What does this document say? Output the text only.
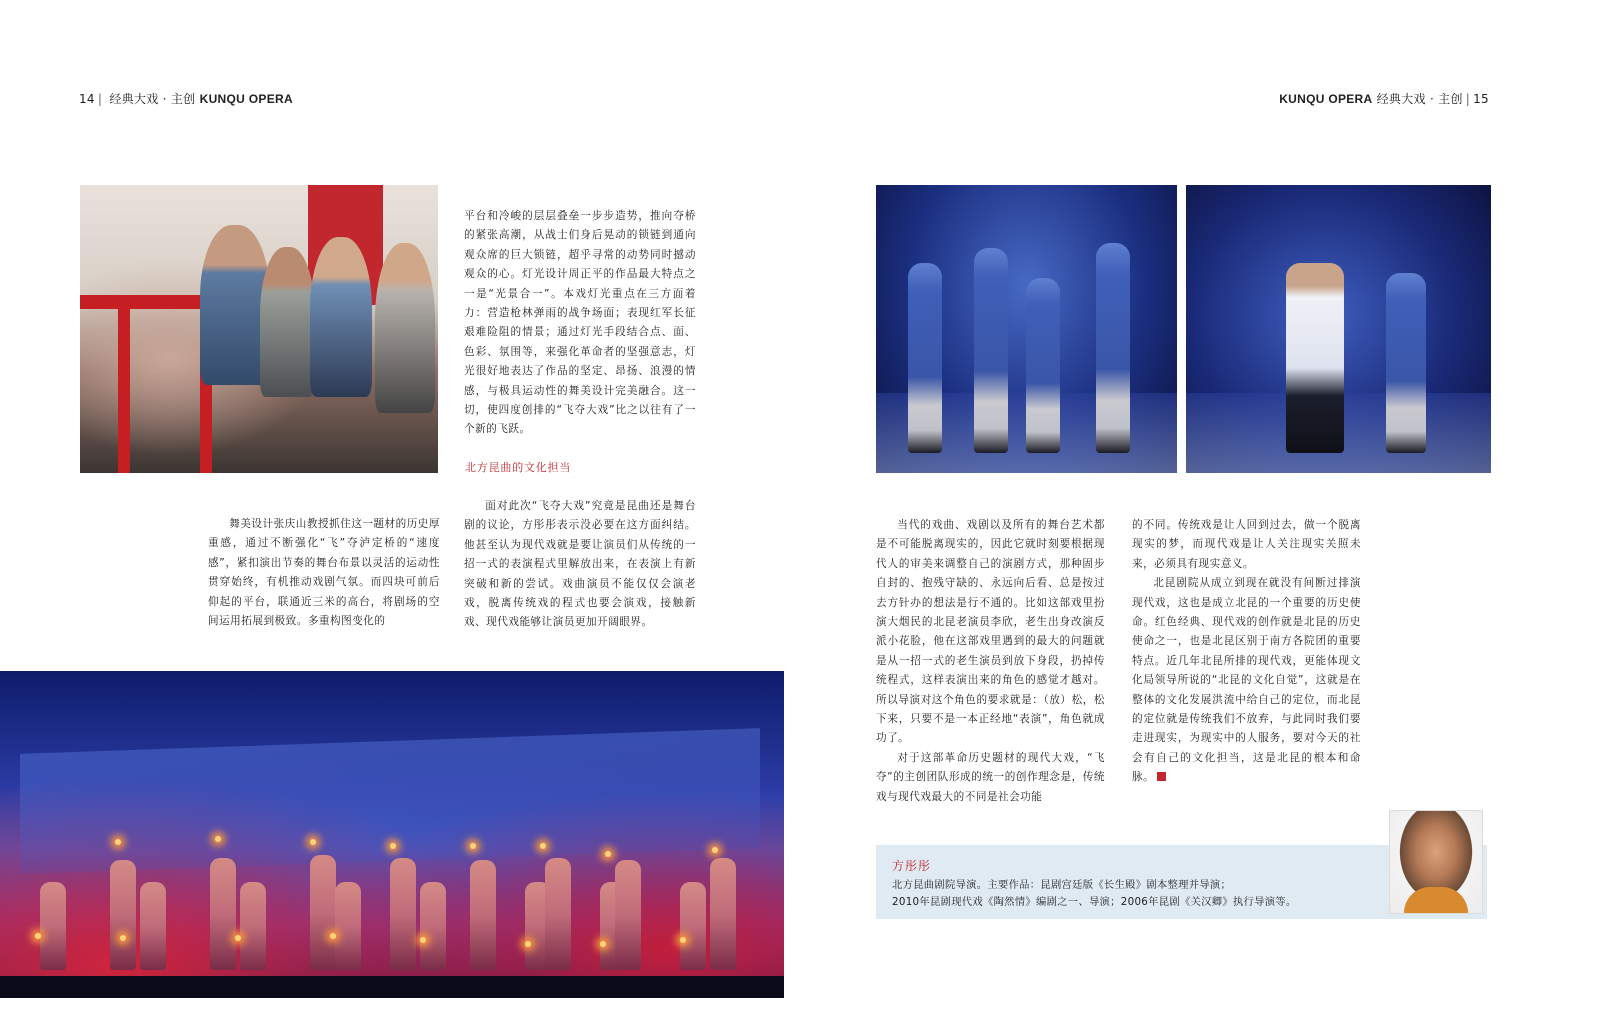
14 | 经典大戏 · 主创 KUNQU OPERA	KUNQU OPERA 经典大戏 · 主创 | 15

平台和冷峻的层层叠垒一步步造势，推向夺桥的紧张高潮，从战士们身后晃动的锁链到通向观众席的巨大锁链，超乎寻常的动势同时撼动观众的心。灯光设计周正平的作品最大特点之一是“光景合一”。本戏灯光重点在三方面着力：营造枪林弹雨的战争场面；表现红军长征艰难险阻的情景；通过灯光手段结合点、面、色彩、氛围等，来强化革命者的坚强意志，灯光很好地表达了作品的坚定、昂扬、浪漫的情感，与极具运动性的舞美设计完美融合。这一切，使四度创排的“飞夺大戏”比之以往有了一个新的飞跃。

北方昆曲的文化担当

面对此次“飞夺大戏”究竟是昆曲还是舞台剧的议论，方彤彤表示没必要在这方面纠结。他甚至认为现代戏就是要让演员们从传统的一招一式的表演程式里解放出来，在表演上有新突破和新的尝试。戏曲演员不能仅仅会演老戏，脱离传统戏的程式也要会演戏，接触新戏、现代戏能够让演员更加开阔眼界。

舞美设计张庆山教授抓住这一题材的历史厚重感，通过不断强化“飞”夺泸定桥的“速度感”，紧扣演出节奏的舞台布景以灵活的运动性贯穿始终，有机推动戏剧气氛。而四块可前后仰起的平台，联通近三米的高台，将剧场的空间运用拓展到极致。多重构图变化的

当代的戏曲、戏剧以及所有的舞台艺术都是不可能脱离现实的，因此它就时刻要根据现代人的审美来调整自己的演剧方式，那种固步自封的、抱残守缺的、永远向后看、总是按过去方针办的想法是行不通的。比如这部戏里扮演大烟民的北昆老演员李欣，老生出身改演反派小花脸，他在这部戏里遇到的最大的问题就是从一招一式的老生演员到放下身段，扔掉传统程式，这样表演出来的角色的感觉才越对。所以导演对这个角色的要求就是：（放）松，松下来，只要不是一本正经地“表演”，角色就成功了。

对于这部革命历史题材的现代大戏，“飞夺”的主创团队形成的统一的创作理念是，传统戏与现代戏最大的不同是社会功能

的不同。传统戏是让人回到过去，做一个脱离现实的梦，而现代戏是让人关注现实关照未来，必须具有现实意义。

北昆剧院从成立到现在就没有间断过排演现代戏，这也是成立北昆的一个重要的历史使命。红色经典、现代戏的创作就是北昆的历史使命之一，也是北昆区别于南方各院团的重要特点。近几年北昆所排的现代戏，更能体现文化局领导所说的“北昆的文化自觉”，这就是在整体的文化发展洪流中给自己的定位，而北昆的定位就是传统我们不放弃，与此同时我们要走进现实，为现实中的人服务，要对今天的社会有自己的文化担当，这是北昆的根本和命脉。

方彤彤
北方昆曲剧院导演。主要作品：昆剧宫廷版《长生殿》剧本整理并导演；
2010年昆剧现代戏《陶然情》编剧之一、导演；2006年昆剧《关汉卿》执行导演等。
